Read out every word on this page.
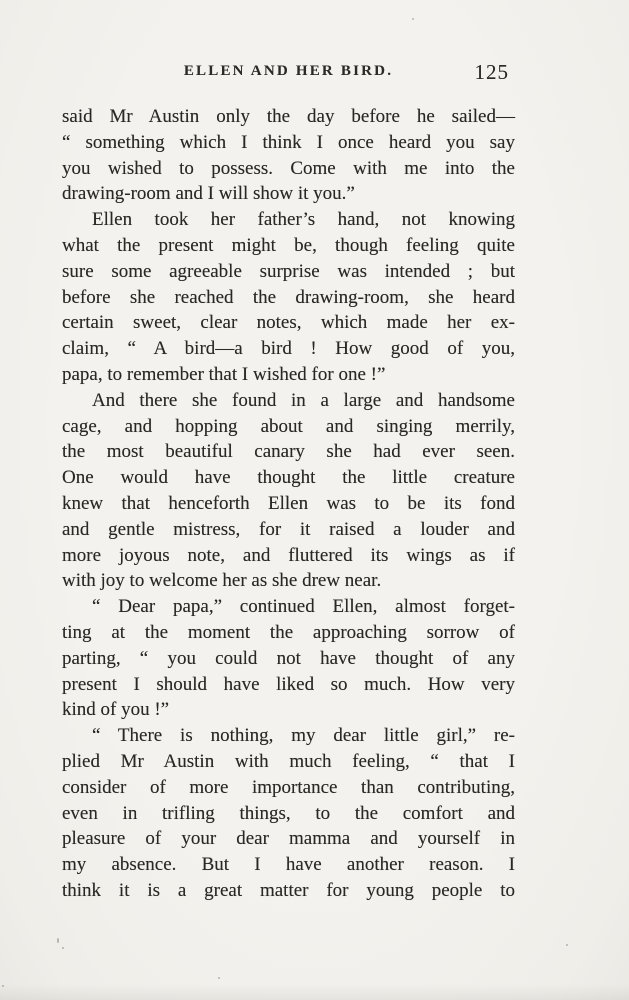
ELLEN AND HER BIRD.	125
said Mr Austin only the day before he sailed—
“ something which I think I once heard you say
you wished to possess. Come with me into the
drawing-room and I will show it you.”
Ellen took her father’s hand, not knowing
what the present might be, though feeling quite
sure some agreeable surprise was intended ; but
before she reached the drawing-room, she heard
certain sweet, clear notes, which made her ex-
claim, “ A bird—a bird ! How good of you,
papa, to remember that I wished for one !”
And there she found in a large and handsome
cage, and hopping about and singing merrily,
the most beautiful canary she had ever seen.
One would have thought the little creature
knew that henceforth Ellen was to be its fond
and gentle mistress, for it raised a louder and
more joyous note, and fluttered its wings as if
with joy to welcome her as she drew near.
“ Dear papa,” continued Ellen, almost forget-
ting at the moment the approaching sorrow of
parting, “ you could not have thought of any
present I should have liked so much. How very
kind of you !”
“ There is nothing, my dear little girl,” re-
plied Mr Austin with much feeling, “ that I
consider of more importance than contributing,
even in trifling things, to the comfort and
pleasure of your dear mamma and yourself in
my absence. But I have another reason. I
think it is a great matter for young people to
